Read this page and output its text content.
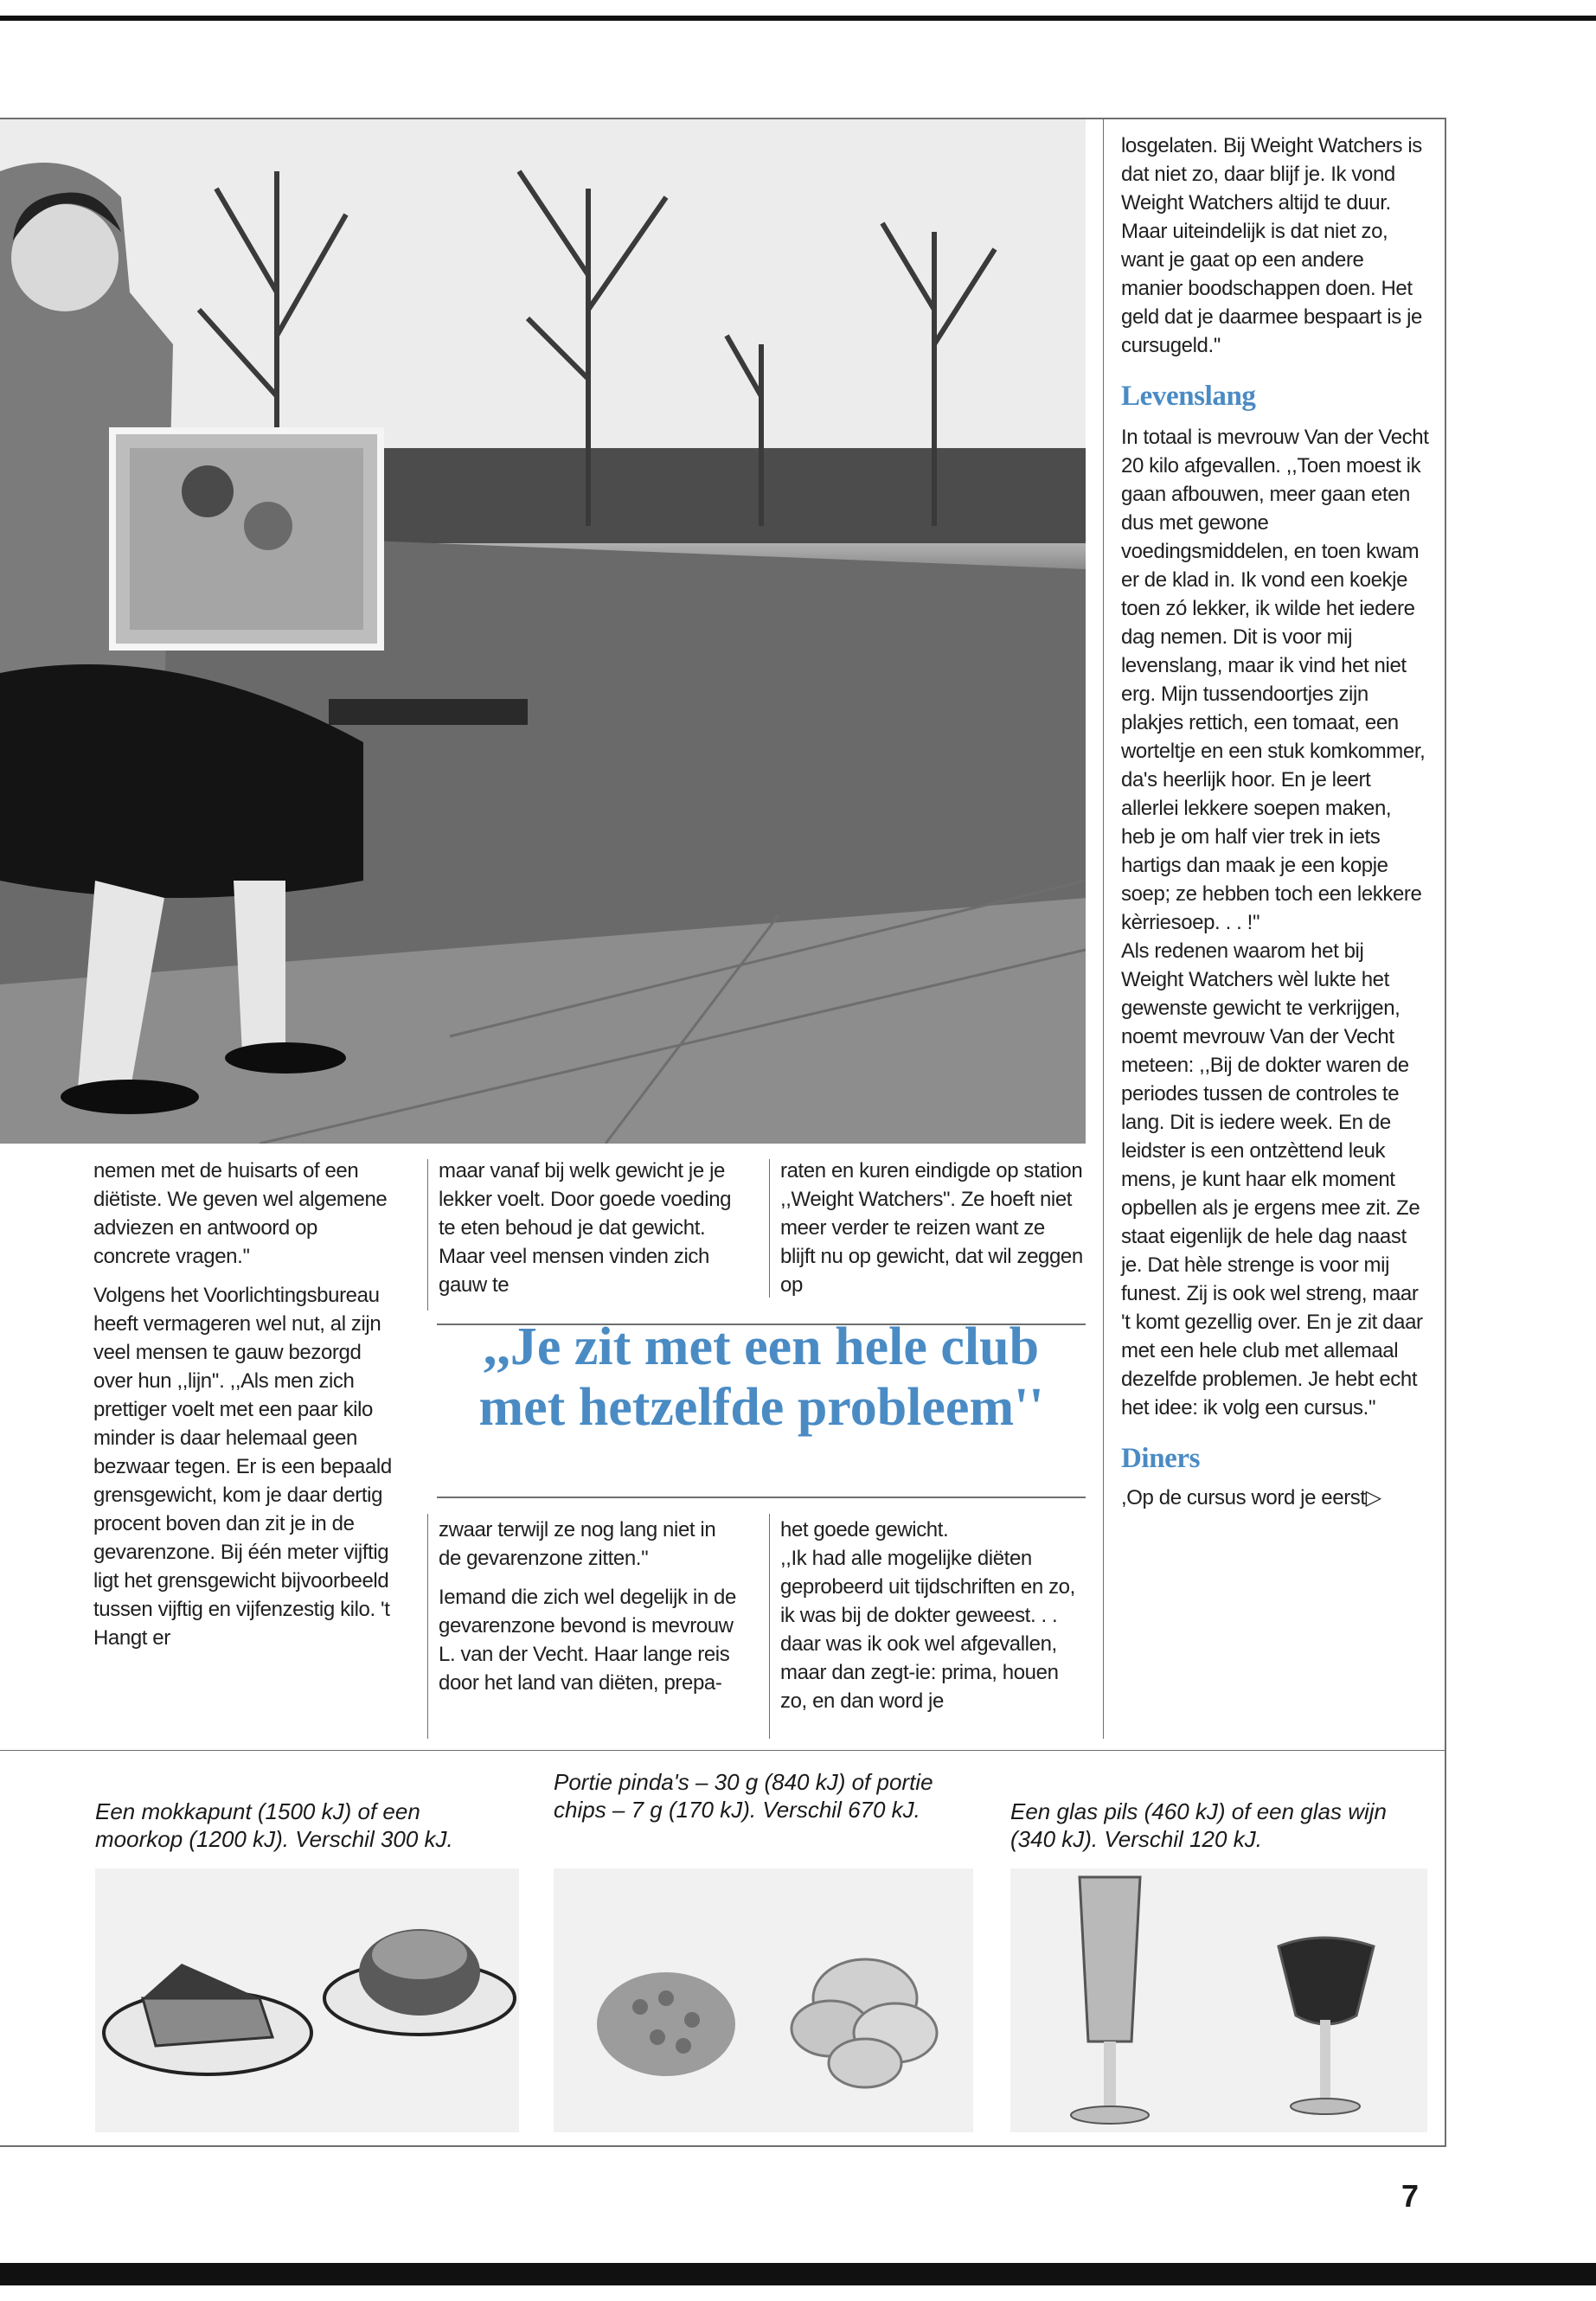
nemen met de huisarts of een diëtiste. We geven wel algemene adviezen en antwoord op concrete vragen.''

Volgens het Voorlichtingsbureau heeft vermageren wel nut, al zijn veel mensen te gauw bezorgd over hun ,,lijn''. ,,Als men zich prettiger voelt met een paar kilo minder is daar helemaal geen bezwaar tegen. Er is een bepaald grensgewicht, kom je daar dertig procent boven dan zit je in de gevarenzone. Bij één meter vijftig ligt het grensgewicht bijvoorbeeld tussen vijftig en vijfenzestig kilo. 't Hangt er

maar vanaf bij welk gewicht je je lekker voelt. Door goede voeding te eten behoud je dat gewicht. Maar veel mensen vinden zich gauw te

raten en kuren eindigde op station ,,Weight Watchers''. Ze hoeft niet meer verder te reizen want ze blijft nu op gewicht, dat wil zeggen op

,,Je zit met een hele club met hetzelfde probleem''

zwaar terwijl ze nog lang niet in de gevarenzone zitten.''

Iemand die zich wel degelijk in de gevarenzone bevond is mevrouw L. van der Vecht. Haar lange reis door het land van diëten, prepa-

het goede gewicht.

,,Ik had alle mogelijke diëten geprobeerd uit tijdschriften en zo, ik was bij de dokter geweest. . . daar was ik ook wel afgevallen, maar dan zegt-ie: prima, houen zo, en dan word je

losgelaten. Bij Weight Watchers is dat niet zo, daar blijf je. Ik vond Weight Watchers altijd te duur. Maar uiteindelijk is dat niet zo, want je gaat op een andere manier boodschappen doen. Het geld dat je daarmee bespaart is je cursugeld.''

Levenslang

In totaal is mevrouw Van der Vecht 20 kilo afgevallen. ,,Toen moest ik gaan afbouwen, meer gaan eten dus met gewone voedingsmiddelen, en toen kwam er de klad in. Ik vond een koekje toen zó lekker, ik wilde het iedere dag nemen. Dit is voor mij levenslang, maar ik vind het niet erg. Mijn tussendoortjes zijn plakjes rettich, een tomaat, een worteltje en een stuk komkommer, da's heerlijk hoor. En je leert allerlei lekkere soepen maken, heb je om half vier trek in iets hartigs dan maak je een kopje soep; ze hebben toch een lekkere kèrriesoep. . . !''

Als redenen waarom het bij Weight Watchers wèl lukte het gewenste gewicht te verkrijgen, noemt mevrouw Van der Vecht meteen: ,,Bij de dokter waren de periodes tussen de controles te lang. Dit is iedere week. En de leidster is een ontzèttend leuk mens, je kunt haar elk moment opbellen als je ergens mee zit. Ze staat eigenlijk de hele dag naast je. Dat hèle strenge is voor mij funest. Zij is ook wel streng, maar 't komt gezellig over. En je zit daar met een hele club met allemaal dezelfde problemen. Je hebt echt het idee: ik volg een cursus.''

Diners

,Op de cursus word je eerst▷

Een mokkapunt (1500 kJ) of een moorkop (1200 kJ). Verschil 300 kJ.
Portie pinda's – 30 g (840 kJ) of portie chips – 7 g (170 kJ). Verschil 670 kJ.	Een glas pils (460 kJ) of een glas wijn (340 kJ). Verschil 120 kJ.
7
